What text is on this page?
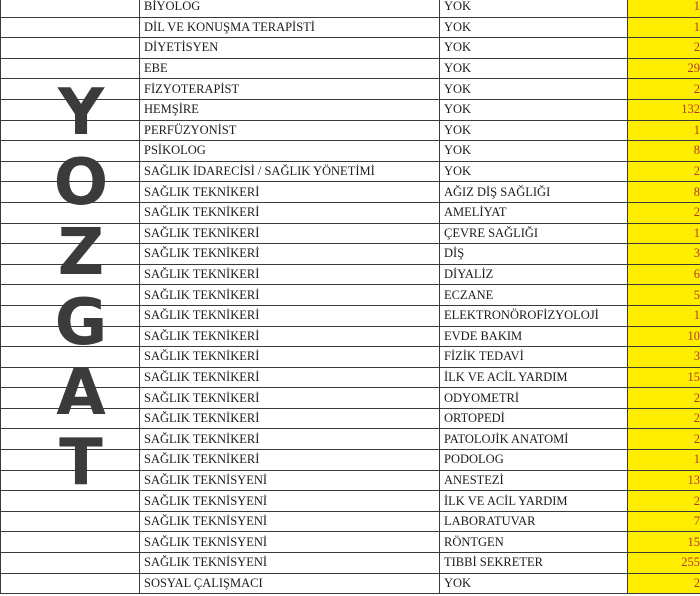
	BİYOLOG	YOK	1
	DİL VE KONUŞMA TERAPİSTİ	YOK	1
	DİYETİSYEN	YOK	2
	EBE	YOK	29
	FİZYOTERAPİST	YOK	2
	HEMŞİRE	YOK	132
	PERFÜZYONİST	YOK	1
	PSİKOLOG	YOK	8
	SAĞLIK İDARECİSİ / SAĞLIK YÖNETİMİ	YOK	2
	SAĞLIK TEKNİKERİ	AĞIZ DİŞ SAĞLIĞI	8
	SAĞLIK TEKNİKERİ	AMELİYAT	2
	SAĞLIK TEKNİKERİ	ÇEVRE SAĞLIĞI	1
	SAĞLIK TEKNİKERİ	DİŞ	3
	SAĞLIK TEKNİKERİ	DİYALİZ	6
	SAĞLIK TEKNİKERİ	ECZANE	5
	SAĞLIK TEKNİKERİ	ELEKTRONÖROFİZYOLOJİ	1
	SAĞLIK TEKNİKERİ	EVDE BAKIM	10
	SAĞLIK TEKNİKERİ	FİZİK TEDAVİ	3
	SAĞLIK TEKNİKERİ	İLK VE ACİL YARDIM	15
	SAĞLIK TEKNİKERİ	ODYOMETRİ	2
	SAĞLIK TEKNİKERİ	ORTOPEDİ	2
	SAĞLIK TEKNİKERİ	PATOLOJİK ANATOMİ	2
	SAĞLIK TEKNİKERİ	PODOLOG	1
	SAĞLIK TEKNİSYENİ	ANESTEZİ	13
	SAĞLIK TEKNİSYENİ	İLK VE ACİL YARDIM	2
	SAĞLIK TEKNİSYENİ	LABORATUVAR	7
	SAĞLIK TEKNİSYENİ	RÖNTGEN	15
	SAĞLIK TEKNİSYENİ	TIBBİ SEKRETER	255
	SOSYAL ÇALIŞMACI	YOK	2
Y
O
Z
G
A
T
